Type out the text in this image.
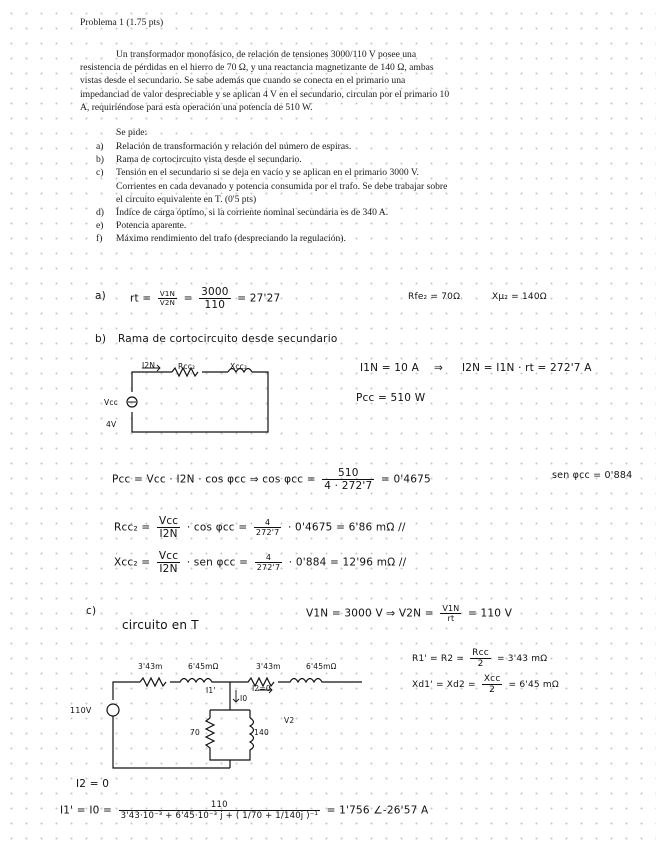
Problema 1 (1.75 pts)
Un transformador monofásico, de relación de tensiones 3000/110 V posee una
resistencia de pérdidas en el hierro de 70 Ω, y una reactancia magnetizante de 140 Ω, ambas
vistas desde el secundario. Se sabe además que cuando se conecta en el primario una
impedanciad de valor despreciable y se aplican 4 V en el secundario, circulan por el primario 10
A, requiriéndose para esta operación una potencia de 510 W.
Se pide:
a) Relación de transformación y relación del número de espiras.
b) Rama de cortocircuito vista desde el secundario.
c) Tensión en el secundario si se deja en vacío y se aplican en el primario 3000 V.
Corrientes en cada devanado y potencia consumida por el trafo. Se debe trabajar sobre
el circuito equivalente en T. (0'5 pts)
d) Índice de carga óptimo, si la corriente nominal secundaria es de 340 A.
e) Potencia aparente.
f) Máximo rendimiento del trafo (despreciando la regulación).
a) rt = $\frac{V1N}{V2N} = \frac{3000}{110} = 27'27$	Rfe₂ = 70Ω	Xμ₂ = 140Ω
b) Rama de cortocircuito desde secundario
I1N = 10 A ⇒ I2N = I1N · rt = 272'7 A
Pcc = 510 W
I2N	Rcc₂	Xcc₂
Vcc
4V
Pcc = Vcc · I2N · cos φcc ⇒ $\cos \varphi cc = \frac{510}{4 \cdot 272'7} = 0'4675$	sen φcc = 0'884
$Rcc_2 = \frac{\text{Vcc}}{I2N} \cdot \cos \varphi cc = \frac{4}{272'7} \cdot 0'4675 = 6'86$ mΩ //
$Xcc_2 = \frac{\text{Vcc}}{I2N}$ · sen $\varphi cc = \frac{4}{272'7} \cdot 0'884 = 12'96$ mΩ //
c)
circuito en T
V1N = 3000 V ⇒ $V2N = \frac{V1N}{rt} = 110$ V
$R1' = R2 = \frac{\text{Rcc}}{2} = 3'43$ mΩ
$Xd1' = Xd2 = \frac{\text{Xcc}}{2} = 6'45$ mΩ
3'43m	6'45mΩ	3'43m	6'45mΩ
I1'
I0
I2=0
110V
70	140
V2
I2 = 0
$I1' = I0 = \frac{110}{\text{3'43·10⁻³ + 6'45·10⁻³ j + ( 1/70 + 1/140j )⁻¹}} = 1'756$ ∠-26'57 A
